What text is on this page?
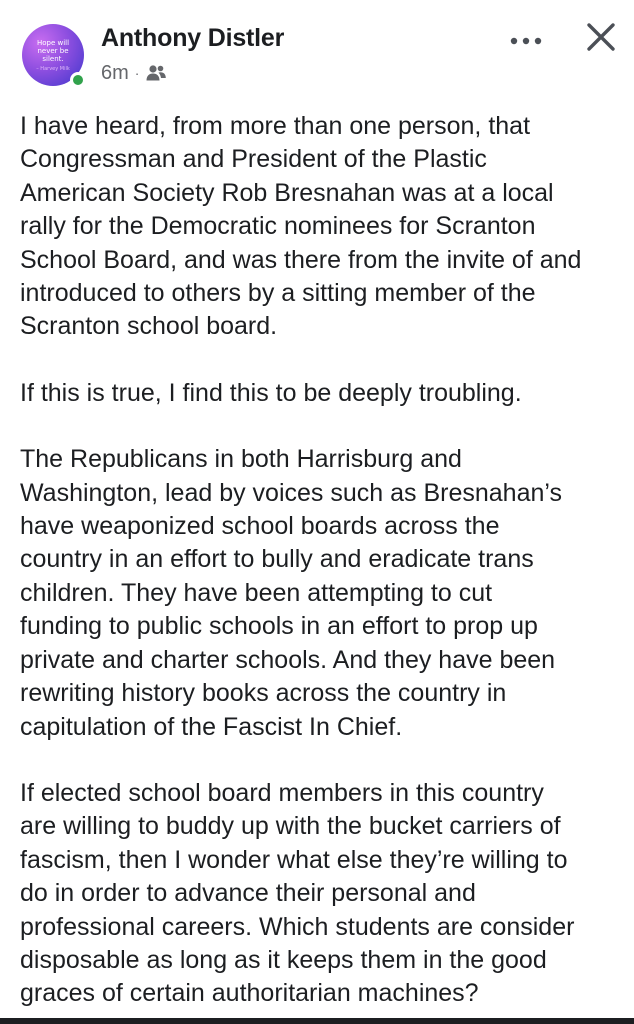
Hope will
never be
silent.
– Harvey Milk
Anthony Distler
6m ·

I have heard, from more than one person, that
Congressman and President of the Plastic
American Society Rob Bresnahan was at a local
rally for the Democratic nominees for Scranton
School Board, and was there from the invite of and
introduced to others by a sitting member of the
Scranton school board.

If this is true, I find this to be deeply troubling.

The Republicans in both Harrisburg and
Washington, lead by voices such as Bresnahan’s
have weaponized school boards across the
country in an effort to bully and eradicate trans
children. They have been attempting to cut
funding to public schools in an effort to prop up
private and charter schools. And they have been
rewriting history books across the country in
capitulation of the Fascist In Chief.

If elected school board members in this country
are willing to buddy up with the bucket carriers of
fascism, then I wonder what else they’re willing to
do in order to advance their personal and
professional careers. Which students are consider
disposable as long as it keeps them in the good
graces of certain authoritarian machines?
